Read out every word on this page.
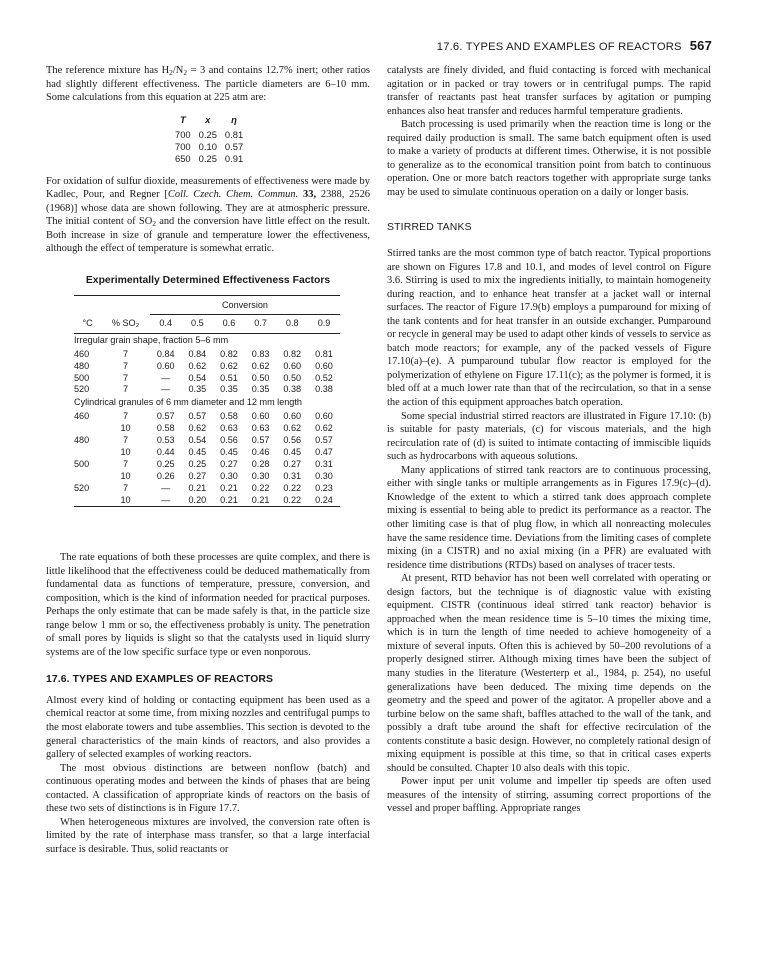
17.6. TYPES AND EXAMPLES OF REACTORS 567

The reference mixture has $H_2/N_2 = 3$ and contains 12.7% inert; other ratios had slightly different effectiveness. The particle diameters are 6–10 mm. Some calculations from this equation at 225 atm are:

T	x	η
700	0.25	0.81
700	0.10	0.57
650	0.25	0.91

For oxidation of sulfur dioxide, measurements of effectiveness were made by Kadlec, Pour, and Regner [Coll. Czech. Chem. Commun. 33, 2388, 2526 (1968)] whose data are shown following. They are at atmospheric pressure. The initial content of $SO_2$ and the conversion have little effect on the result. Both increase in size of granule and temperature lower the effectiveness, although the effect of temperature is somewhat erratic.

Experimentally Determined Effectiveness Factors

		Conversion					
°C	% SO₂	0.4	0.5	0.6	0.7	0.8	0.9
Irregular grain shape, fraction 5–6 mm							
460	7	0.84	0.84	0.82	0.83	0.82	0.81
480	7	0.60	0.62	0.62	0.62	0.60	0.60
500	7	—	0.54	0.51	0.50	0.50	0.52
520	7	—	0.35	0.35	0.35	0.38	0.38
Cylindrical granules of 6 mm diameter and 12 mm length							
460	7	0.57	0.57	0.58	0.60	0.60	0.60
	10	0.58	0.62	0.63	0.63	0.62	0.62
480	7	0.53	0.54	0.56	0.57	0.56	0.57
	10	0.44	0.45	0.45	0.46	0.45	0.47
500	7	0.25	0.25	0.27	0.28	0.27	0.31
	10	0.26	0.27	0.30	0.30	0.31	0.30
520	7	—	0.21	0.21	0.22	0.22	0.23
	10	—	0.20	0.21	0.21	0.22	0.24

The rate equations of both these processes are quite complex, and there is little likelihood that the effectiveness could be deduced mathematically from fundamental data as functions of temperature, pressure, conversion, and composition, which is the kind of information needed for practical purposes. Perhaps the only estimate that can be made safely is that, in the particle size range below 1 mm or so, the effectiveness probably is unity. The penetration of small pores by liquids is slight so that the catalysts used in liquid slurry systems are of the low specific surface type or even nonporous.

17.6. TYPES AND EXAMPLES OF REACTORS

Almost every kind of holding or contacting equipment has been used as a chemical reactor at some time, from mixing nozzles and centrifugal pumps to the most elaborate towers and tube assemblies. This section is devoted to the general characteristics of the main kinds of reactors, and also provides a gallery of selected examples of working reactors.

The most obvious distinctions are between nonflow (batch) and continuous operating modes and between the kinds of phases that are being contacted. A classification of appropriate kinds of reactors on the basis of these two sets of distinctions is in Figure 17.7.

When heterogeneous mixtures are involved, the conversion rate often is limited by the rate of interphase mass transfer, so that a large interfacial surface is desirable. Thus, solid reactants or

catalysts are finely divided, and fluid contacting is forced with mechanical agitation or in packed or tray towers or in centrifugal pumps. The rapid transfer of reactants past heat transfer surfaces by agitation or pumping enhances also heat transfer and reduces harmful temperature gradients.

Batch processing is used primarily when the reaction time is long or the required daily production is small. The same batch equipment often is used to make a variety of products at different times. Otherwise, it is not possible to generalize as to the economical transition point from batch to continuous operation. One or more batch reactors together with appropriate surge tanks may be used to simulate continuous operation on a daily or longer basis.

STIRRED TANKS

Stirred tanks are the most common type of batch reactor. Typical proportions are shown on Figures 17.8 and 10.1, and modes of level control on Figure 3.6. Stirring is used to mix the ingredients initially, to maintain homogeneity during reaction, and to enhance heat transfer at a jacket wall or internal surfaces. The reactor of Figure 17.9(b) employs a pumparound for mixing of the tank contents and for heat transfer in an outside exchanger. Pumparound or recycle in general may be used to adapt other kinds of vessels to service as batch mode reactors; for example, any of the packed vessels of Figure 17.10(a)–(e). A pumparound tubular flow reactor is employed for the polymerization of ethylene on Figure 17.11(c); as the polymer is formed, it is bled off at a much lower rate than that of the recirculation, so that in a sense the action of this equipment approaches batch operation.

Some special industrial stirred reactors are illustrated in Figure 17.10: (b) is suitable for pasty materials, (c) for viscous materials, and the high recirculation rate of (d) is suited to intimate contacting of immiscible liquids such as hydrocarbons with aqueous solutions.

Many applications of stirred tank reactors are to continuous processing, either with single tanks or multiple arrangements as in Figures 17.9(c)–(d). Knowledge of the extent to which a stirred tank does approach complete mixing is essential to being able to predict its performance as a reactor. The other limiting case is that of plug flow, in which all nonreacting molecules have the same residence time. Deviations from the limiting cases of complete mixing (in a CISTR) and no axial mixing (in a PFR) are evaluated with residence time distributions (RTDs) based on analyses of tracer tests.

At present, RTD behavior has not been well correlated with operating or design factors, but the technique is of diagnostic value with existing equipment. CISTR (continuous ideal stirred tank reactor) behavior is approached when the mean residence time is 5–10 times the mixing time, which is in turn the length of time needed to achieve homogeneity of a mixture of several inputs. Often this is achieved by 50–200 revolutions of a properly designed stirrer. Although mixing times have been the subject of many studies in the literature (Westerterp et al., 1984, p. 254), no useful generalizations have been deduced. The mixing time depends on the geometry and the speed and power of the agitator. A propeller above and a turbine below on the same shaft, baffles attached to the wall of the tank, and possibly a draft tube around the shaft for effective recirculation of the contents constitute a basic design. However, no completely rational design of mixing equipment is possible at this time, so that in critical cases experts should be consulted. Chapter 10 also deals with this topic.

Power input per unit volume and impeller tip speeds are often used measures of the intensity of stirring, assuming correct proportions of the vessel and proper baffling. Appropriate ranges
